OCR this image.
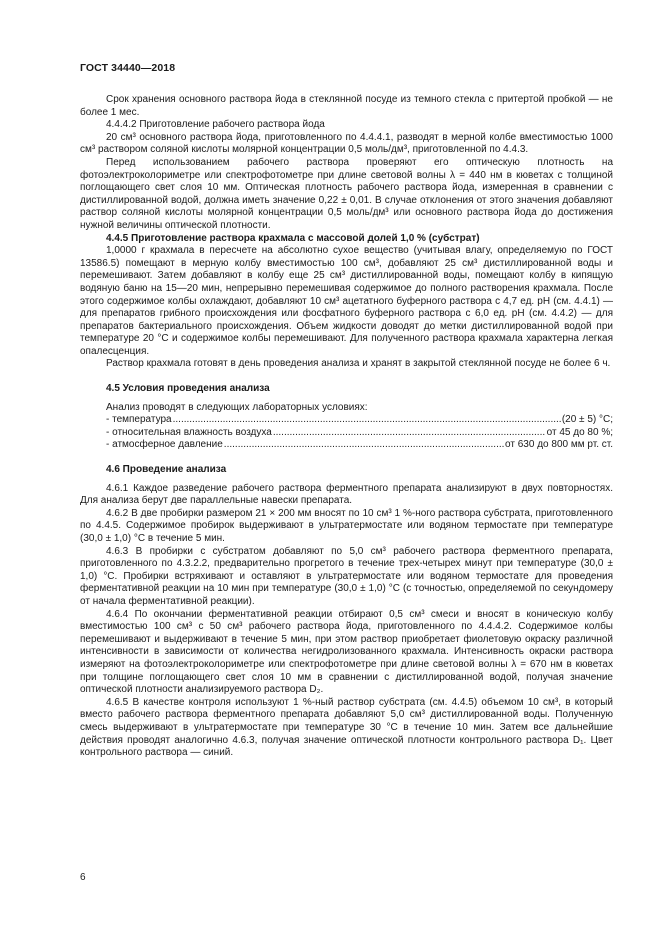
ГОСТ 34440—2018

Срок хранения основного раствора йода в стеклянной посуде из темного стекла с притертой пробкой — не более 1 мес.

4.4.4.2 Приготовление рабочего раствора йода

20 см³ основного раствора йода, приготовленного по 4.4.4.1, разводят в мерной колбе вместимостью 1000 см³ раствором соляной кислоты молярной концентрации 0,5 моль/дм³, приготовленной по 4.4.3.

Перед использованием рабочего раствора проверяют его оптическую плотность на фотоэлектроколориметре или спектрофотометре при длине световой волны λ = 440 нм в кюветах с толщиной поглощающего свет слоя 10 мм. Оптическая плотность рабочего раствора йода, измеренная в сравнении с дистиллированной водой, должна иметь значение 0,22 ± 0,01. В случае отклонения от этого значения добавляют раствор соляной кислоты молярной концентрации 0,5 моль/дм³ или основного раствора йода до достижения нужной величины оптической плотности.

4.4.5 Приготовление раствора крахмала с массовой долей 1,0 % (субстрат)

1,0000 г крахмала в пересчете на абсолютно сухое вещество (учитывая влагу, определяемую по ГОСТ 13586.5) помещают в мерную колбу вместимостью 100 см³, добавляют 25 см³ дистиллированной воды и перемешивают. Затем добавляют в колбу еще 25 см³ дистиллированной воды, помещают колбу в кипящую водяную баню на 15—20 мин, непрерывно перемешивая содержимое до полного растворения крахмала. После этого содержимое колбы охлаждают, добавляют 10 см³ ацетатного буферного раствора с 4,7 ед. рН (см. 4.4.1) — для препаратов грибного происхождения или фосфатного буферного раствора с 6,0 ед. рН (см. 4.4.2) — для препаратов бактериального происхождения. Объем жидкости доводят до метки дистиллированной водой при температуре 20 °С и содержимое колбы перемешивают. Для полученного раствора крахмала характерна легкая опалесценция.

Раствор крахмала готовят в день проведения анализа и хранят в закрытой стеклянной посуде не более 6 ч.

4.5 Условия проведения анализа

Анализ проводят в следующих лабораторных условиях:

- температура .....	(20 ± 5) °С;
- относительная влажность воздуха .....	от 45 до 80 %;
- атмосферное давление .....	от 630 до 800 мм рт. ст.

4.6 Проведение анализа

4.6.1 Каждое разведение рабочего раствора ферментного препарата анализируют в двух повторностях. Для анализа берут две параллельные навески препарата.

4.6.2 В две пробирки размером 21 × 200 мм вносят по 10 см³ 1 %-ного раствора субстрата, приготовленного по 4.4.5. Содержимое пробирок выдерживают в ультратермостате или водяном термостате при температуре (30,0 ± 1,0) °С в течение 5 мин.

4.6.3 В пробирки с субстратом добавляют по 5,0 см³ рабочего раствора ферментного препарата, приготовленного по 4.3.2.2, предварительно прогретого в течение трех-четырех минут при температуре (30,0 ± 1,0) °С. Пробирки встряхивают и оставляют в ультратермостате или водяном термостате для проведения ферментативной реакции на 10 мин при температуре (30,0 ± 1,0) °С (с точностью, определяемой по секундомеру от начала ферментативной реакции).

4.6.4 По окончании ферментативной реакции отбирают 0,5 см³ смеси и вносят в коническую колбу вместимостью 100 см³ с 50 см³ рабочего раствора йода, приготовленного по 4.4.4.2. Содержимое колбы перемешивают и выдерживают в течение 5 мин, при этом раствор приобретает фиолетовую окраску различной интенсивности в зависимости от количества негидролизованного крахмала. Интенсивность окраски раствора измеряют на фотоэлектроколориметре или спектрофотометре при длине световой волны λ = 670 нм в кюветах при толщине поглощающего свет слоя 10 мм в сравнении с дистиллированной водой, получая значение оптической плотности анализируемого раствора D₂.

4.6.5 В качестве контроля используют 1 %-ный раствор субстрата (см. 4.4.5) объемом 10 см³, в который вместо рабочего раствора ферментного препарата добавляют 5,0 см³ дистиллированной воды. Полученную смесь выдерживают в ультратермостате при температуре 30 °С в течение 10 мин. Затем все дальнейшие действия проводят аналогично 4.6.3, получая значение оптической плотности контрольного раствора D₁. Цвет контрольного раствора — синий.

6
